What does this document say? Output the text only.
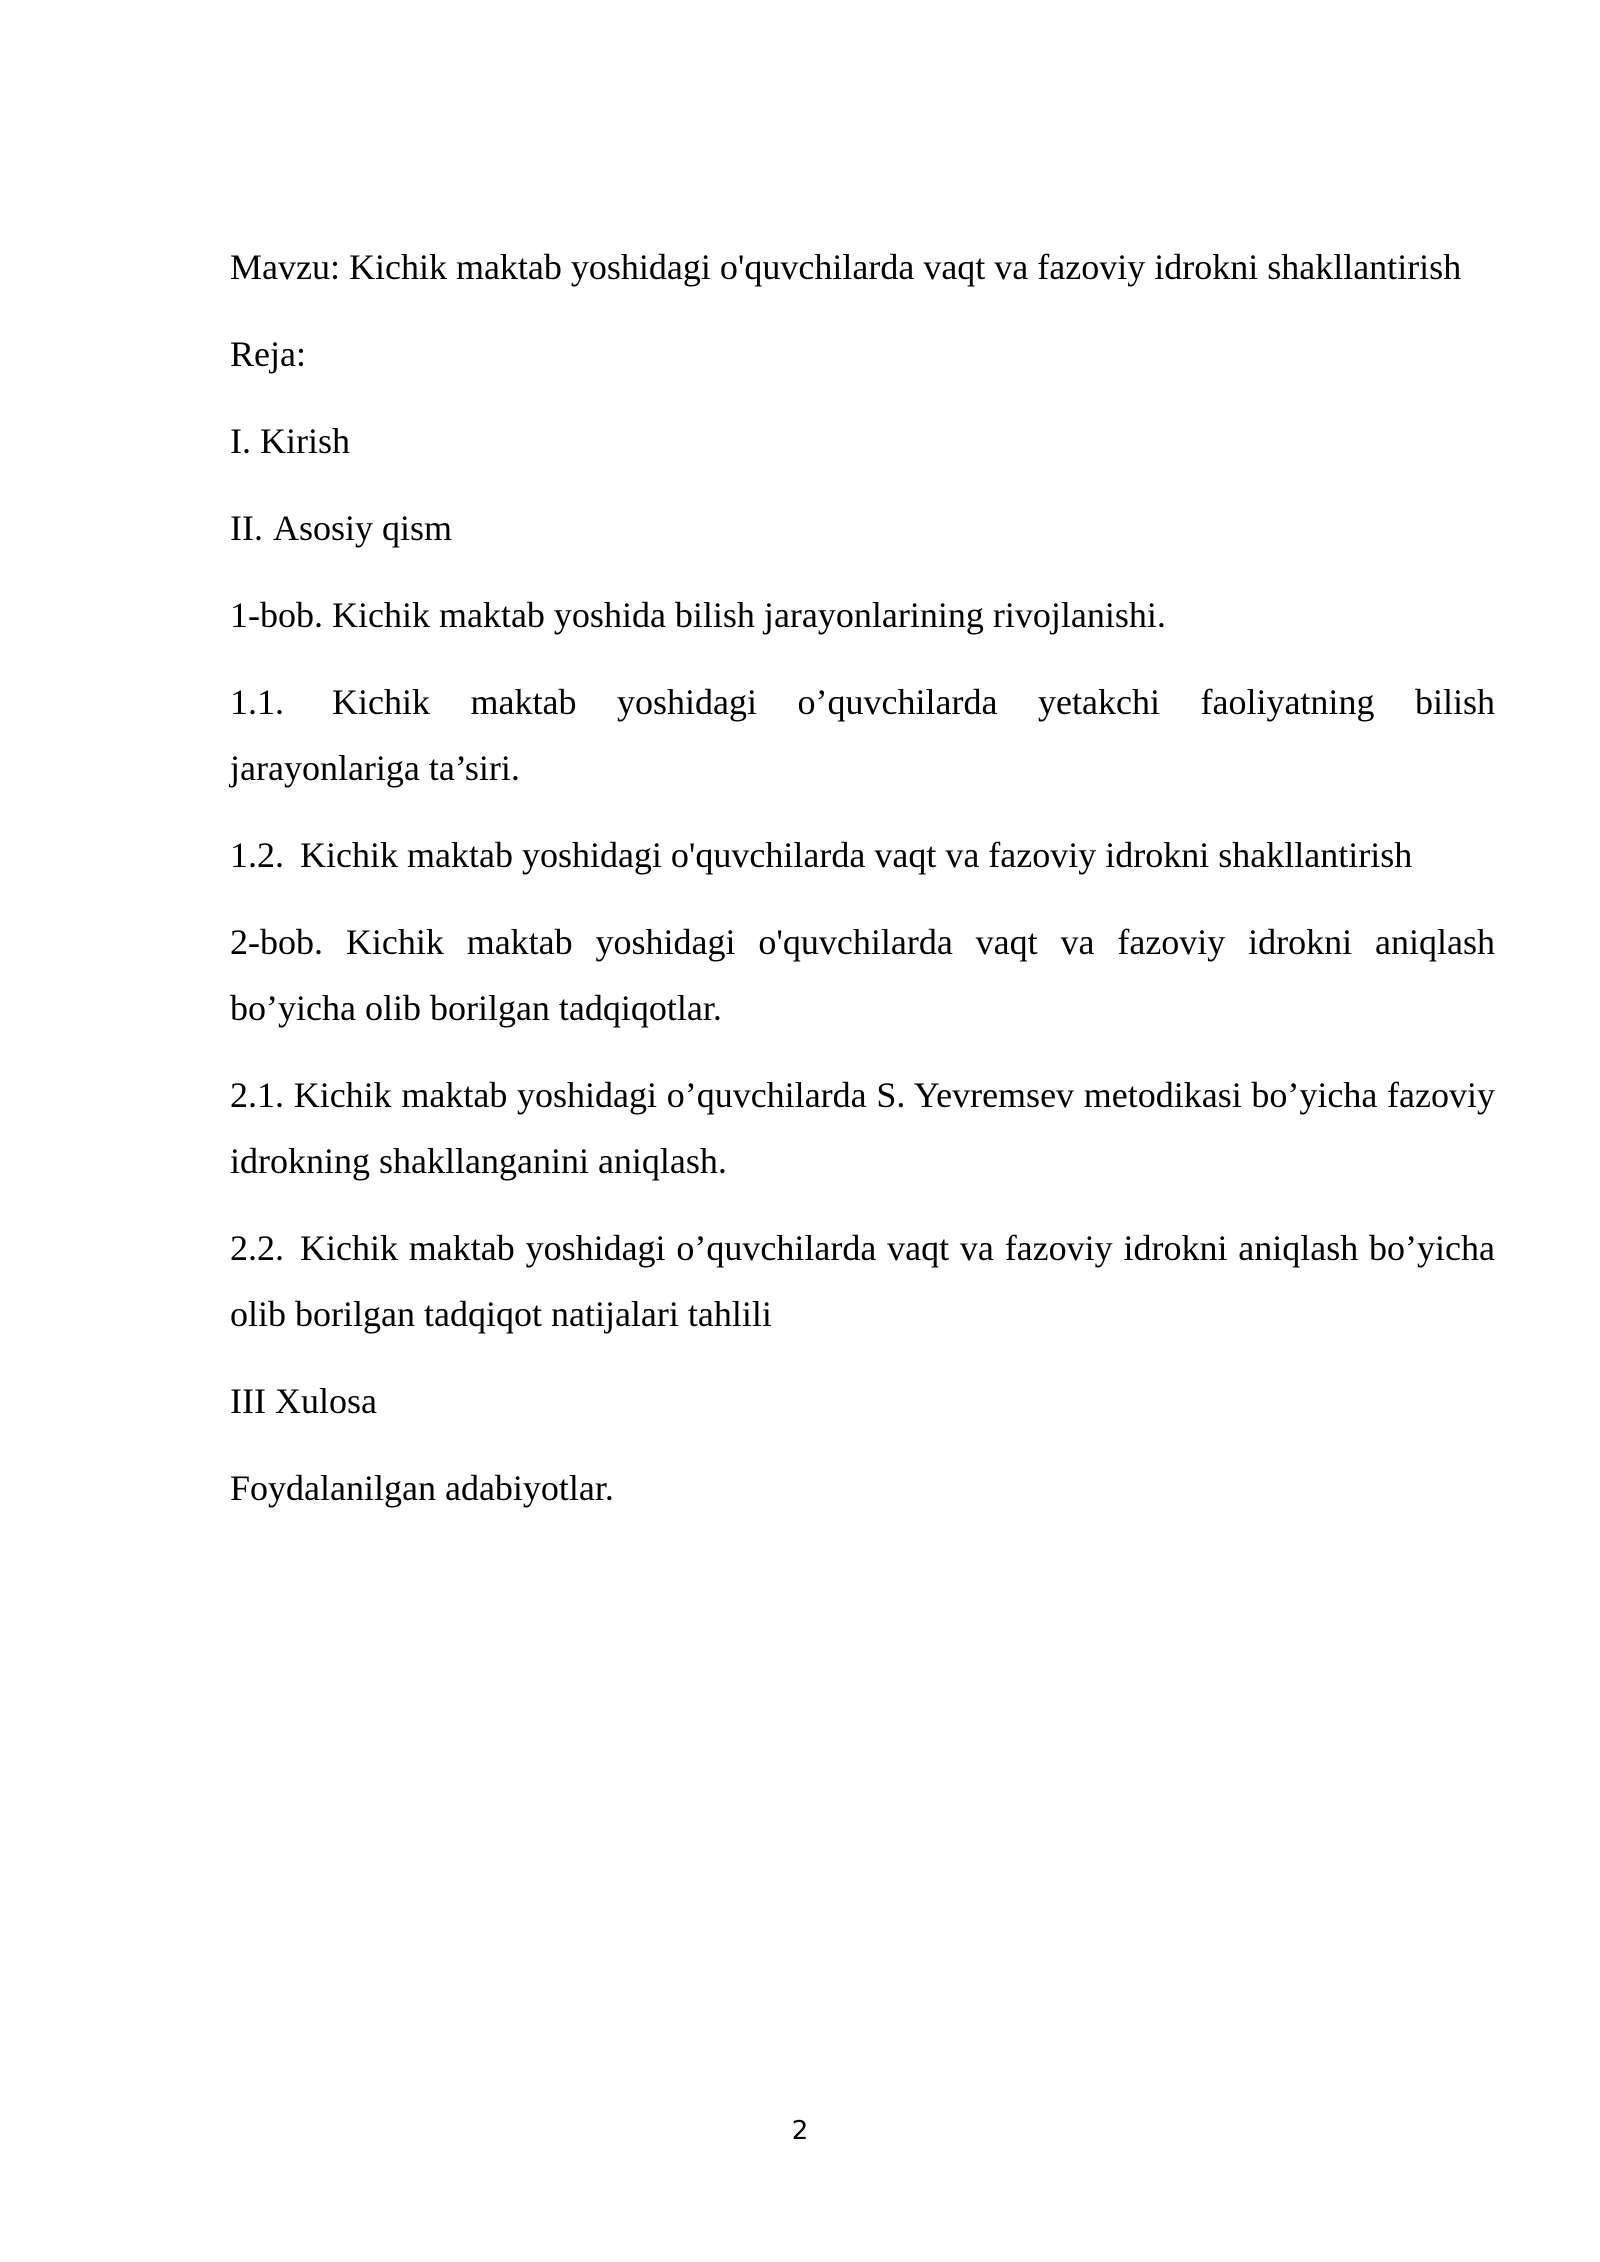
Mavzu: Kichik maktab yoshidagi o'quvchilarda vaqt va fazoviy idrokni shakllantirish

Reja:

I. Kirish

II. Asosiy qism

1-bob. Kichik maktab yoshida bilish jarayonlarining rivojlanishi.

1.1. Kichik maktab yoshidagi o’quvchilarda yetakchi faoliyatning bilish jarayonlariga ta’siri.

1.2. Kichik maktab yoshidagi o'quvchilarda vaqt va fazoviy idrokni shakllantirish

2-bob. Kichik maktab yoshidagi o'quvchilarda vaqt va fazoviy idrokni aniqlash bo’yicha olib borilgan tadqiqotlar.

2.1. Kichik maktab yoshidagi o’quvchilarda S. Yevremsev metodikasi bo’yicha fazoviy idrokning shakllanganini aniqlash.

2.2. Kichik maktab yoshidagi o’quvchilarda vaqt va fazoviy idrokni aniqlash bo’yicha olib borilgan tadqiqot natijalari tahlili

III Xulosa

Foydalanilgan adabiyotlar.

2
